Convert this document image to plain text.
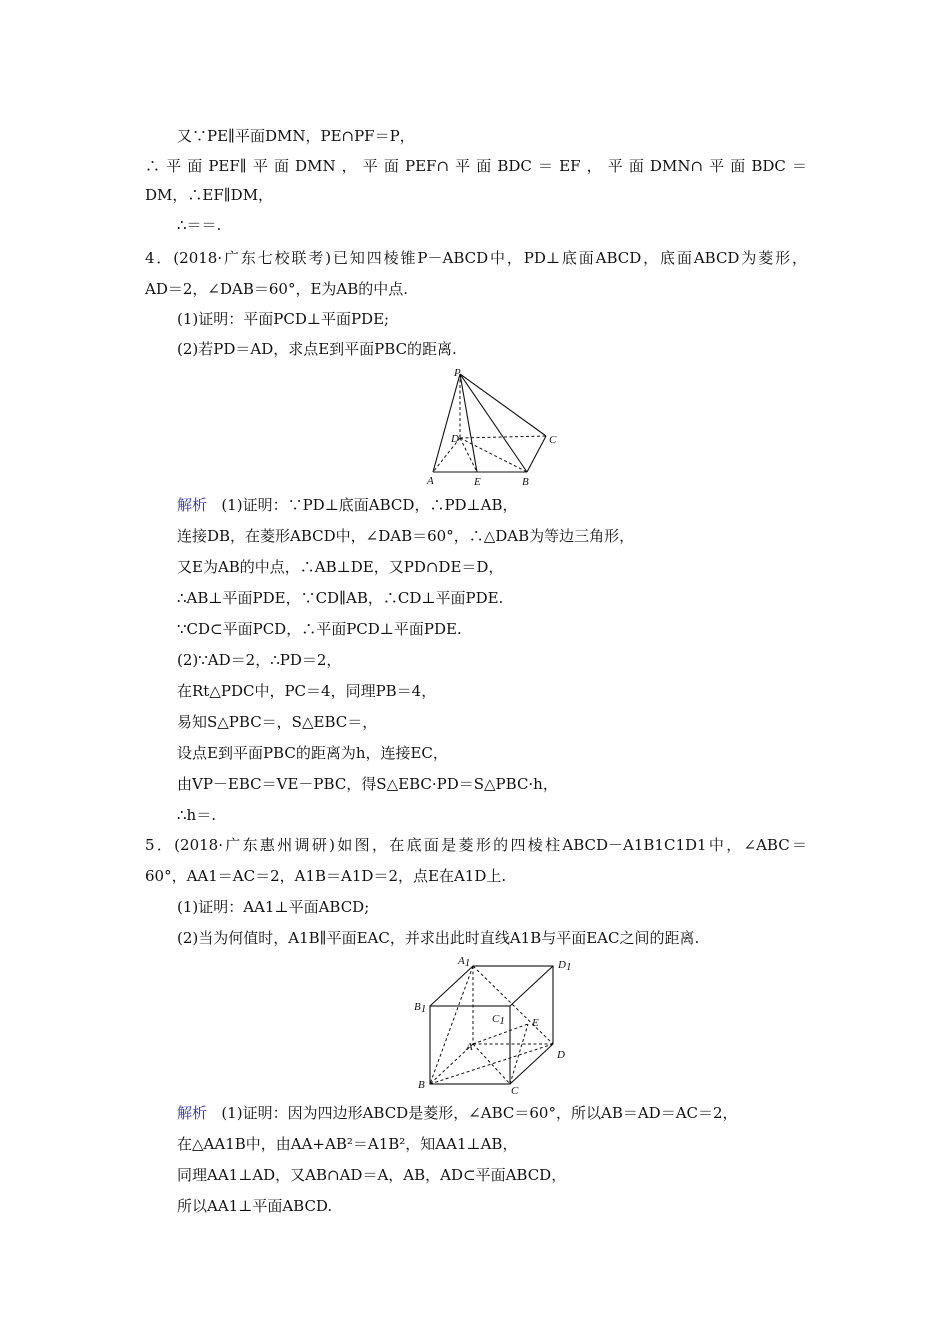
又∵PE∥平面DMN，PE∩PF＝P，
∴平面PEF∥平面DMN，平面PEF∩平面BDC＝EF，平面DMN∩平面BDC＝
DM，∴EF∥DM，
∴＝＝.
4．(2018·广东七校联考)已知四棱锥P－ABCD中，PD⊥底面ABCD，底面ABCD为菱形，
AD＝2，∠DAB＝60°，E为AB的中点.
(1)证明：平面PCD⊥平面PDE;
(2)若PD＝AD，求点E到平面PBC的距离.
P
D	C
A	E	B
解析 (1)证明：∵PD⊥底面ABCD，∴PD⊥AB，
连接DB，在菱形ABCD中，∠DAB＝60°，∴△DAB为等边三角形，
又E为AB的中点，∴AB⊥DE，又PD∩DE＝D，
∴AB⊥平面PDE，∵CD∥AB，∴CD⊥平面PDE.
∵CD⊂平面PCD，∴平面PCD⊥平面PDE.
(2)∵AD＝2，∴PD＝2，
在Rt△PDC中，PC＝4，同理PB＝4，
易知S△PBC＝，S△EBC＝，
设点E到平面PBC的距离为h，连接EC，
由VP－EBC＝VE－PBC，得S△EBC·PD＝S△PBC·h，
∴h＝.
5．(2018·广东惠州调研)如图，在底面是菱形的四棱柱ABCD－A1B1C1D1中，∠ABC＝
60°，AA1＝AC＝2，A1B＝A1D＝2，点E在A1D上.
(1)证明：AA1⊥平面ABCD;
(2)当为何值时，A1B∥平面EAC，并求出此时直线A1B与平面EAC之间的距离.
A1	D1
B1
C1 E
A
D
B	C
解析 (1)证明：因为四边形ABCD是菱形，∠ABC＝60°，所以AB＝AD＝AC＝2，
在△AA1B中，由AA+AB²＝A1B²，知AA1⊥AB，
同理AA1⊥AD，又AB∩AD＝A，AB，AD⊂平面ABCD，
所以AA1⊥平面ABCD.
